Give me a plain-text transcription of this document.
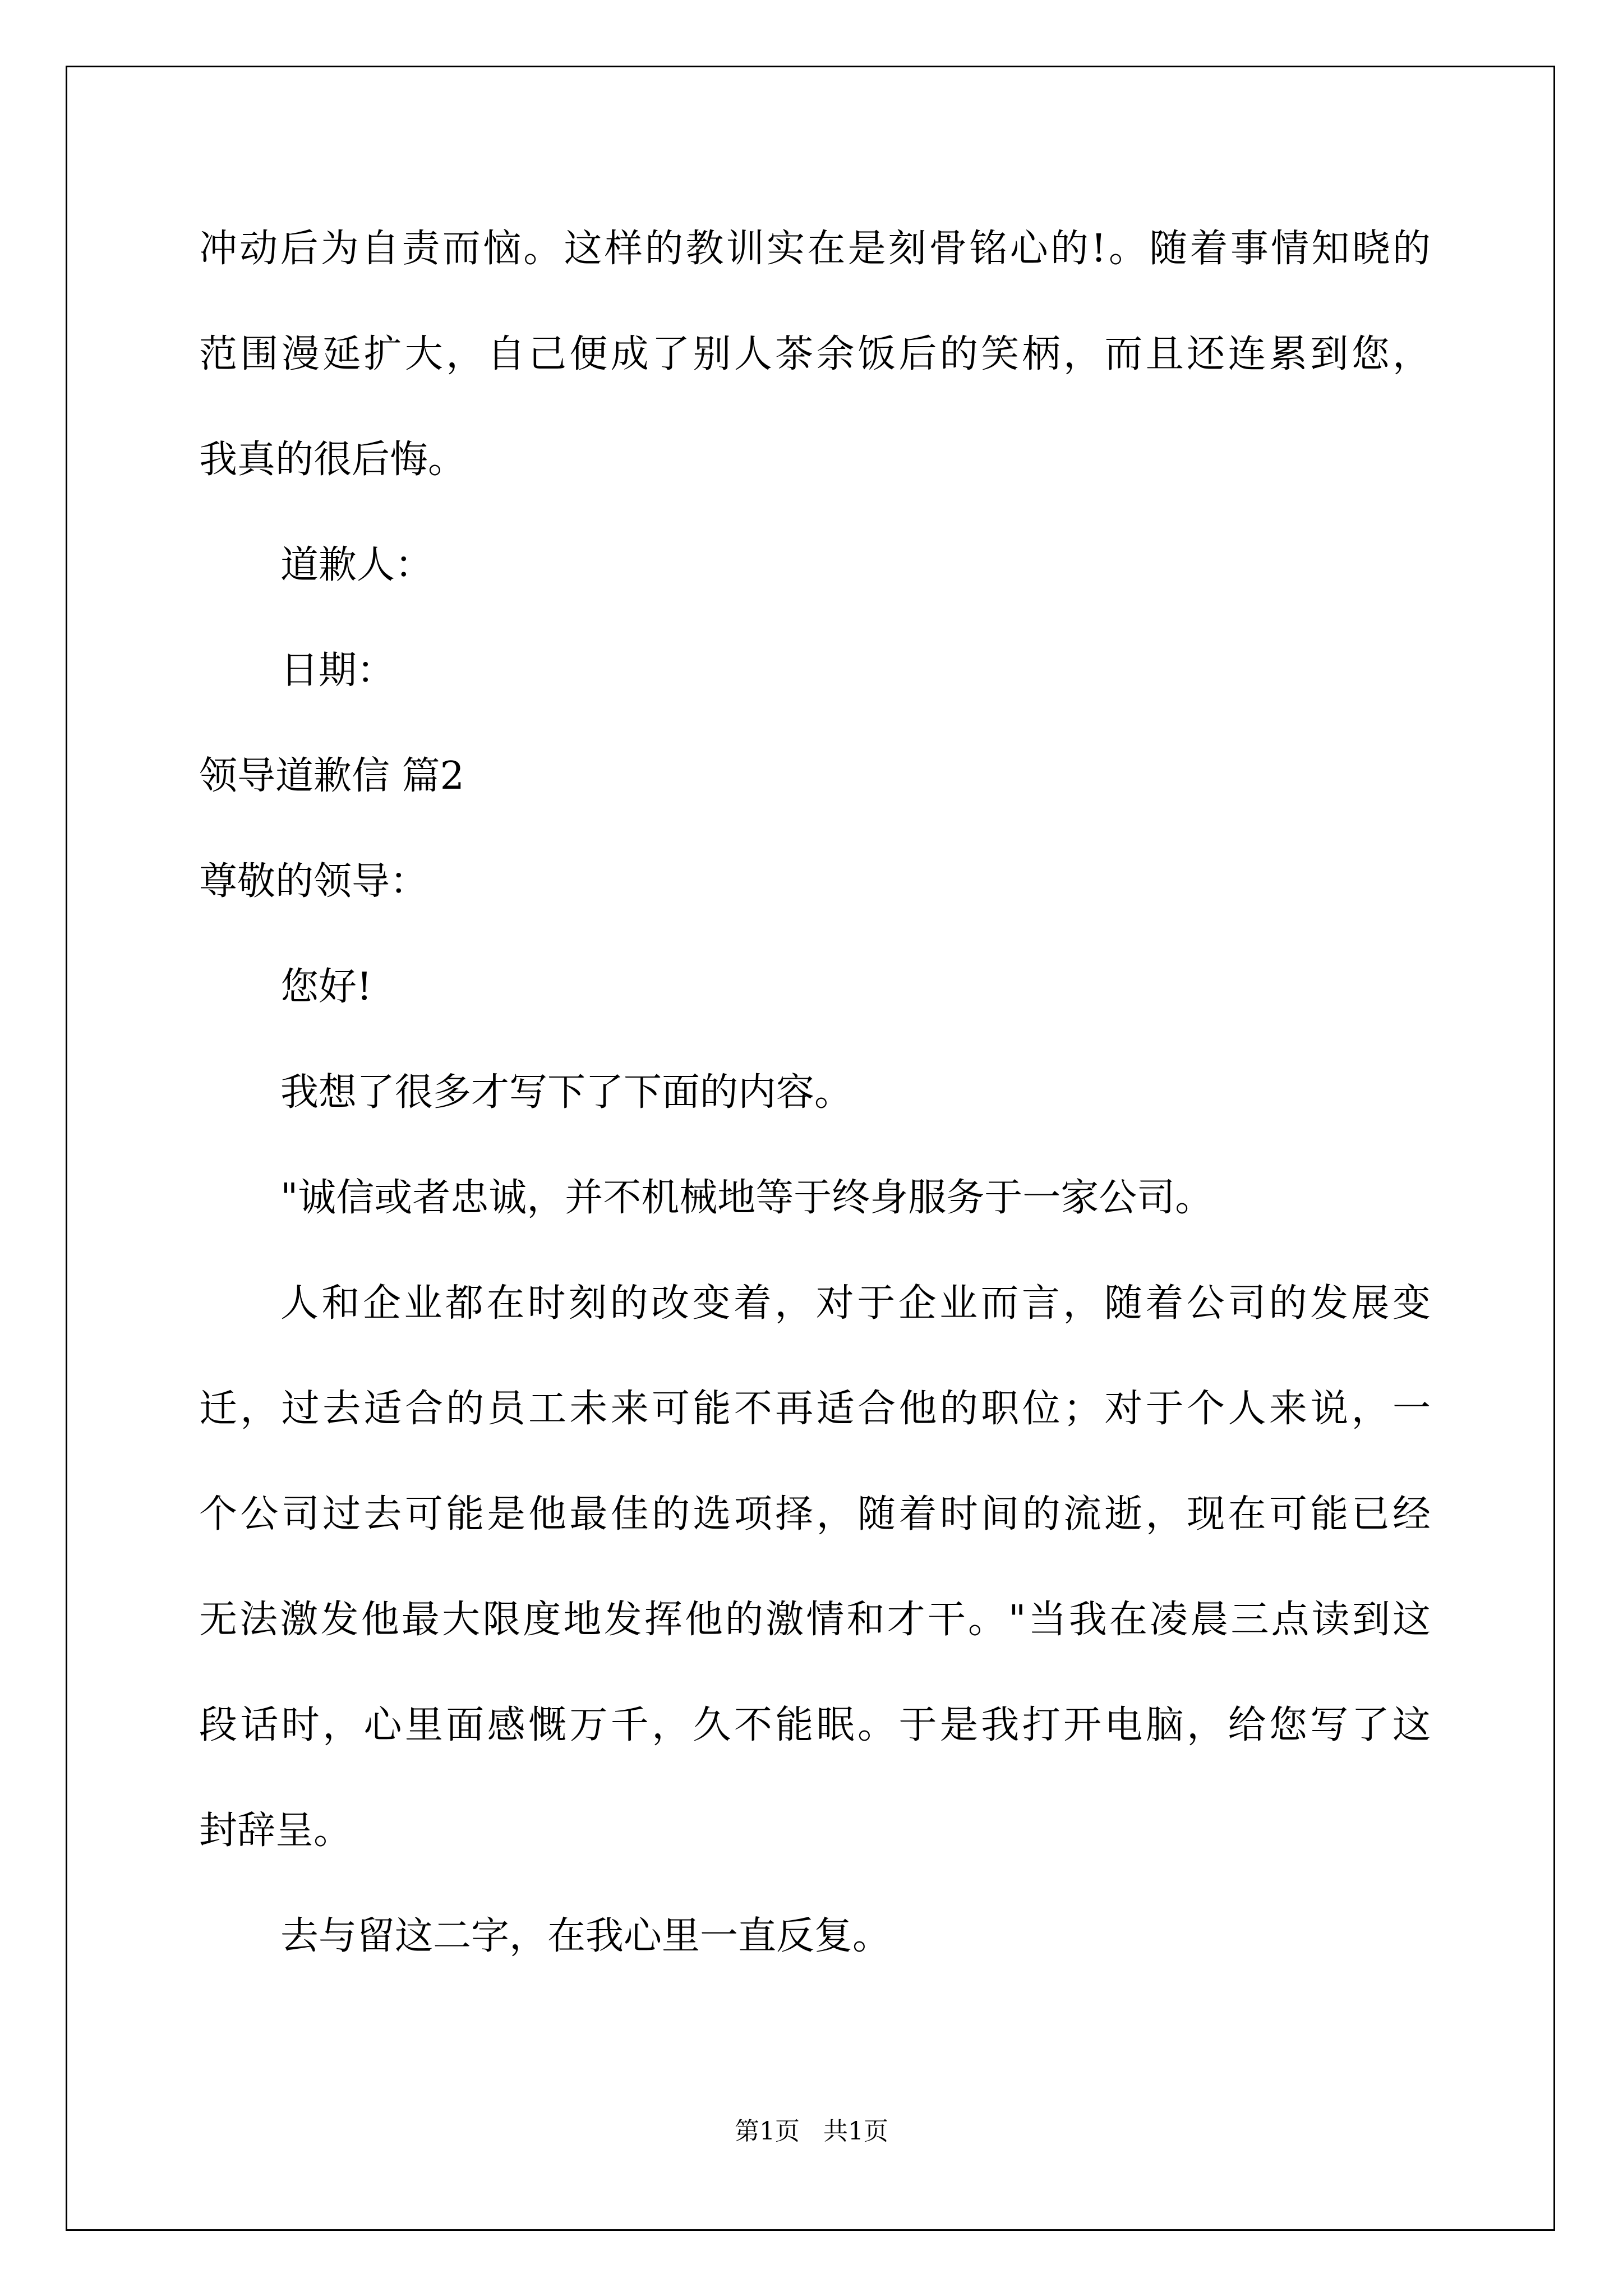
冲动后为自责而恼。这样的教训实在是刻骨铭心的!。随着事情知晓的
范围漫延扩大，自己便成了别人茶余饭后的笑柄，而且还连累到您，
我真的很后悔。
道歉人：
日期：
领导道歉信 篇2
尊敬的领导：
您好!
我想了很多才写下了下面的内容。
"诚信或者忠诚，并不机械地等于终身服务于一家公司。
人和企业都在时刻的改变着，对于企业而言，随着公司的发展变
迁，过去适合的员工未来可能不再适合他的职位；对于个人来说，一
个公司过去可能是他最佳的选项择，随着时间的流逝，现在可能已经
无法激发他最大限度地发挥他的激情和才干。"当我在凌晨三点读到这
段话时，心里面感慨万千，久不能眠。于是我打开电脑，给您写了这
封辞呈。
去与留这二字，在我心里一直反复。
第1页   共1页
